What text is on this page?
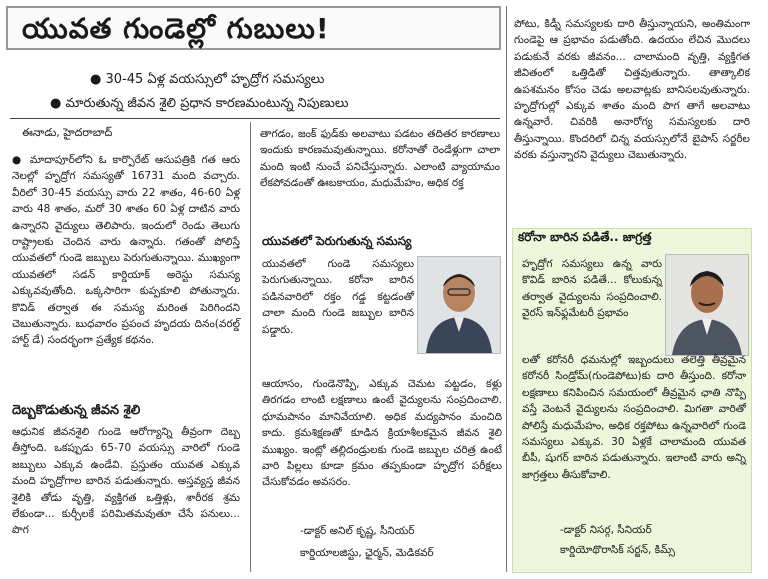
యువత గుండెల్లో గుబులు!
● 30-45 ఏళ్ల వయస్సులో హృద్రోగ సమస్యలు
● మారుతున్న జీవన శైలి ప్రధాన కారణమంటున్న నిపుణులు
ఈనాడు, హైదరాబాద్

● మాదాపూర్‌లోని ఓ కార్పొరేట్ ఆసుపత్రికి గత ఆరు నెలల్లో హృద్రోగ సమస్యతో 16731 మంది వచ్చారు. వీరిలో 30-45 వయస్సు వారు 22 శాతం, 46-60 ఏళ్ల వారు 48 శాతం, మరో 30 శాతం 60 ఏళ్ల దాటిన వారు ఉన్నారని వైద్యులు తెలిపారు. ఇందులో రెండు తెలుగు రాష్ట్రాలకు చెందిన వారు ఉన్నారు. గతంతో పోలిస్తే యువతలో గుండె జబ్బులు పెరుగుతున్నాయి. ముఖ్యంగా యువతలో సడన్ కార్డియాక్ అరెస్టు సమస్య ఎక్కువవుతోంది. ఒక్కసారిగా కుప్పకూలి పోతున్నారు. కొవిడ్ తర్వాత ఈ సమస్య మరింత పెరిగిందని చెబుతున్నారు. బుధవారం ప్రపంచ హృదయ దినం(వరల్డ్ హార్ట్ డే) సందర్భంగా ప్రత్యేక కథనం.

దెబ్బకొడుతున్న జీవన శైలి

ఆధునిక జీవనశైలి గుండె ఆరోగ్యాన్ని తీవ్రంగా దెబ్బ తీస్తోంది. ఒకప్పుడు 65-70 వయస్సు వారిలో గుండె జబ్బులు ఎక్కువ ఉండేవి. ప్రస్తుతం యువత ఎక్కువ మంది హృద్రోగాల బారిన పడుతున్నారు. అస్తవ్యస్త జీవన శైలికి తోడు వృత్తి, వ్యక్తిగత ఒత్తిళ్లు, శారీరక శ్రమ లేకుండా... కుర్చీలకే పరిమితమవుతూ చేసే పనులు... పొగ

తాగడం, జంక్ ఫుడ్‌కు అలవాటు పడటం తదితర కారణాలు ఇందుకు కారణమవుతున్నాయి. కరోనాతో రెండేళ్లుగా చాలా మంది ఇంటి నుంచే పనిచేస్తున్నారు. ఎలాంటి వ్యాయామం లేకపోవడంతో ఊబకాయం, మధుమేహం, అధిక రక్త

యువతలో పెరుగుతున్న సమస్య

యువతలో గుండె సమస్యలు పెరుగుతున్నాయి. కరోనా బారిన పడినవారిలో రక్తం గడ్డ కట్టడంతో చాలా మంది గుండె జబ్బుల బారిన పడ్డారు.

ఆయాసం, గుండెనొప్పి, ఎక్కువ చెమట పట్టడం, కళ్లు తిరగడం లాంటి లక్షణాలు ఉంటే వైద్యులను సంప్రదించాలి. ధూమపానం మానివేయాలి. అధిక మద్యపానం మంచిది కాదు. క్రమశిక్షణతో కూడిన క్రియాశీలకమైన జీవన శైలి ముఖ్యం. ఇంట్లో తల్లిదండ్రులకు గుండె జబ్బుల చరిత్ర ఉంటే వారి పిల్లలు కూడా క్రమం తప్పకుండా హృద్రోగ పరీక్షలు చేసుకోవడం అవసరం.

-డాక్టర్ అనిల్ కృష్ణ, సీనియర్
కార్డియాలజిస్టు, ఛైర్మన్, మెడికవర్

పోటు, కిడ్నీ సమస్యలకు దారి తీస్తున్నాయని, అంతిమంగా గుండెపై ఆ ప్రభావం పడుతోంది. ఉదయం లేచిన మొదలు పడుకునే వరకు జీవనం... చాలామంది వృత్తి, వ్యక్తిగత జీవితంలో ఒత్తిడితో చిత్తవుతున్నారు. తాత్కాలిక ఉపశమనం కోసం చెడు అలవాట్లకు బానిసలవుతున్నారు. హృద్రోగుల్లో ఎక్కువ శాతం మంది పొగ తాగే అలవాటు ఉన్నవారే. చివరికి అనారోగ్య సమస్యలకు దారి తీస్తున్నాయి. కొందరిలో చిన్న వయస్సులోనే బైపాస్ సర్జరీల వరకు వస్తున్నారని వైద్యులు చెబుతున్నారు.

కరోనా బారిన పడితే.. జాగ్రత్త

హృద్రోగ సమస్యలు ఉన్న వారు కొవిడ్ బారిన పడితే... కోలుకున్న తర్వాత వైద్యులను సంప్రదించాలి. వైరస్ ఇన్‌ఫ్లమేటరీ ప్రభావం

లతో కరోనరీ ధమనుల్లో ఇబ్బందులు తలెత్తి తీవ్రమైన కరోనరీ సిండ్రోమ్(గుండెపోటు)కు దారి తీస్తుంది. కరోనా లక్షణాలు కనిపించిన సమయంలో తీవ్రమైన ఛాతి నొప్పి వస్తే వెంటనే వైద్యులను సంప్రదించాలి. మిగతా వారితో పోలిస్తే మధుమేహం, అధిక రక్తపోటు ఉన్నవారిలో గుండె సమస్యలు ఎక్కువ. 30 ఏళ్లకే చాలామంది యువత బీపీ, షుగర్ బారిన పడుతున్నారు. ఇలాంటి వారు అన్ని జాగ్రత్తలు తీసుకోవాలి.

-డాక్టర్ నిసర్గ, సీనియర్
కార్డియోథొరాసిక్ సర్జన్, కిమ్స్
